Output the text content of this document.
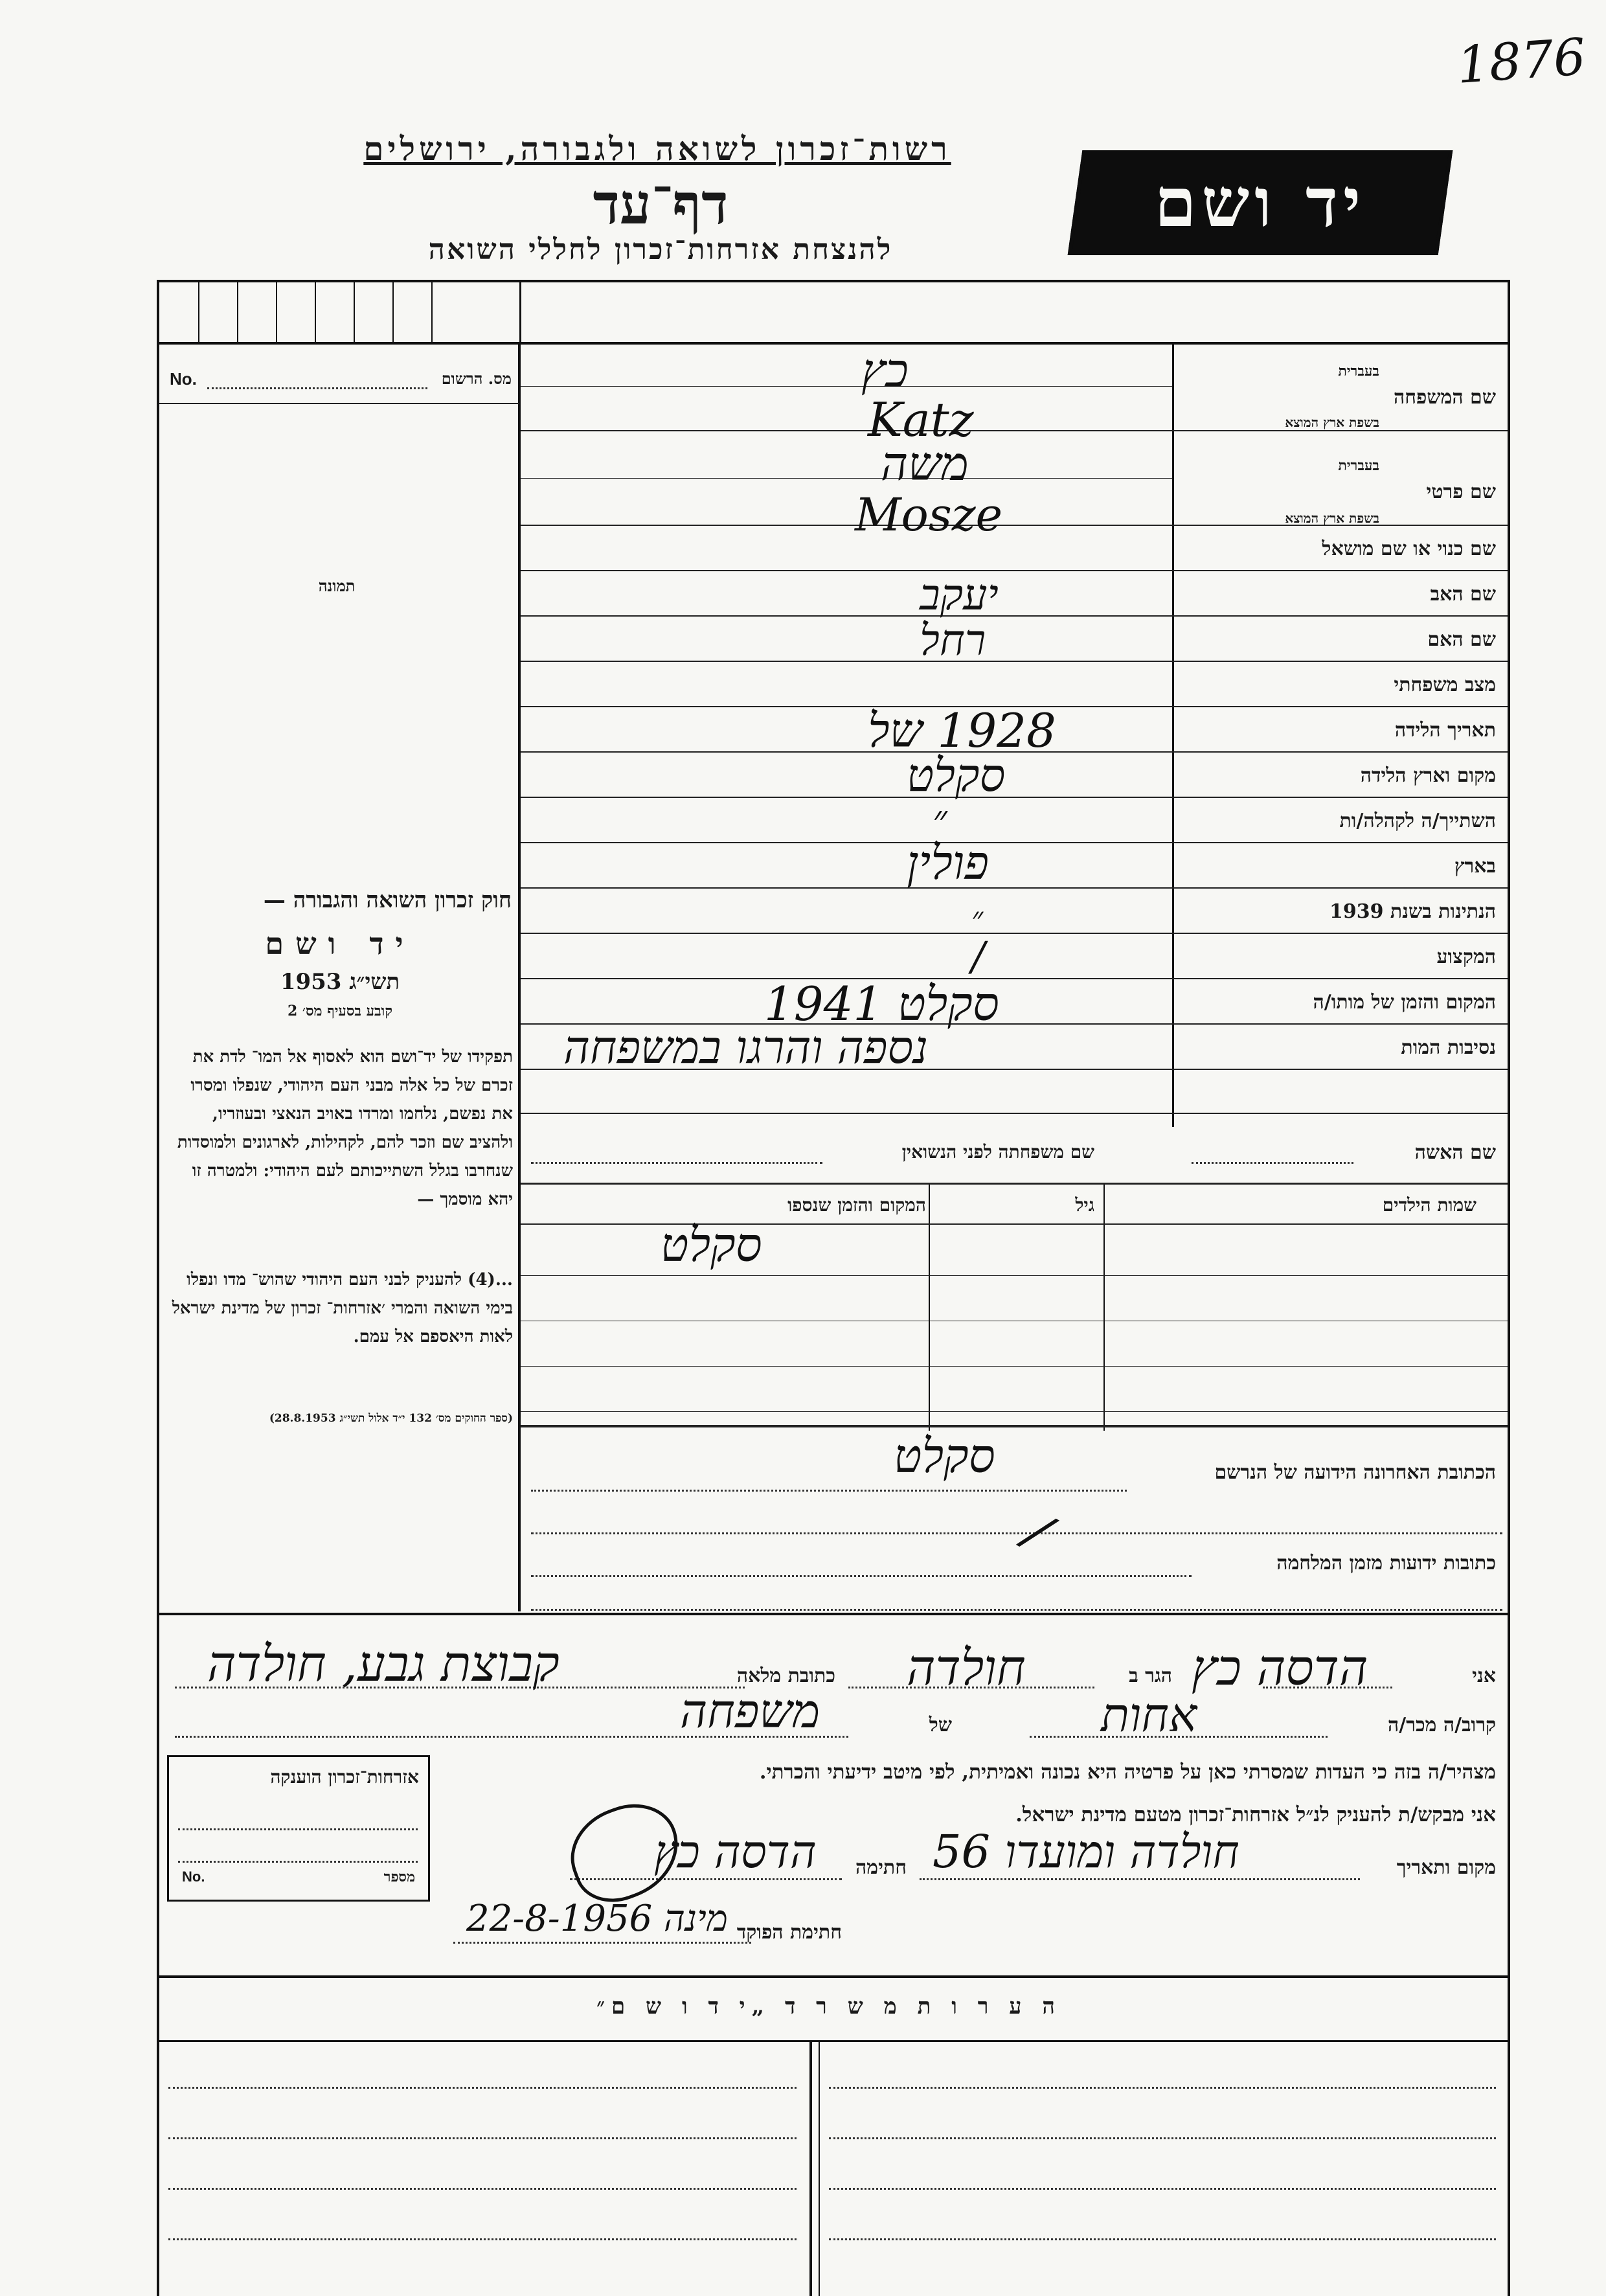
1876
רשות־זכרון לשואה ולגבורה, ירושלים
דף־עד
להנצחת אזרחות־זכרון לחללי השואה
יד ושם
מס. הרשום
No.
תמונה
חוק זכרון השואה והגבורה —
יד ושם
תשי״ג 1953
קובע בסעיף מס׳ 2
תפקידו של יד־ושם הוא לאסוף אל המו־ לדת את זכרם של כל אלה מבני העם היהודי, שנפלו ומסרו את נפשם, נלחמו ומרדו באויב הנאצי ובעוזריו, ולהציב שם וזכר להם, לקהילות, לארגונים ולמוסדות שנחרבו בגלל השתייכותם לעם היהודי: ולמטרה זו יהא מוסמך —
...(4) להעניק לבני העם היהודי שהוש־ מדו ונפלו בימי השואה והמרי ׳אזרחות־ זכרון של מדינת ישראל לאות היאספם אל עמם.
(ספר החוקים מס׳ 132 י״ד אלול תשי״ג 28.8.1953)
שם המשפחה
בעברית
בשפת ארץ המוצא
כץ
Katz
שם פרטי
בעברית
בשפת ארץ המוצא
משה
Mosze
שם כנוי או שם מושאל
שם האב
יעקב
שם האם
רחל
מצב משפחתי
תאריך הלידה
1928 של
מקום וארץ הלידה
סקלט
השתייך/ה לקהלה/ות
״
בארץ
פולין
הנתינות בשנת 1939
״
המקצוע
/
המקום והזמן של מותו/ה
סקלט 1941
נסיבות המות
נספה והרגו במשפחה
שם האשה
שם משפחתה לפני הנשואין
שמות הילדים
גיל
המקום והזמן שנספו
סקלט
סקלט	הכתובת האחרונה הידועה של הנרשם
/
כתובות ידועות מזמן המלחמה
אני
הדסה כץ
הגר ב
חולדה
כתובת מלאה
קבוצת גבע, חולדה
קרוב/ה מכר/ה
אחות
של
משפחה
אזרחות־זכרון הוענקה
מספר
No.
מצהיר/ה בזה כי העדות שמסרתי כאן על פרטיה היא נכונה ואמיתית, לפי מיטב ידיעתי והכרתי.
אני מבקש/ת להעניק לנ״ל אזרחות־זכרון מטעם מדינת ישראל.
מקום ותאריך
חולדה ומועדו 56
חתימה
הדסה כץ
חתימת הפוקד
מינה 22-8-1956
ה ע ר ו ת מ ש ר ד „י ד ו ש ם״
